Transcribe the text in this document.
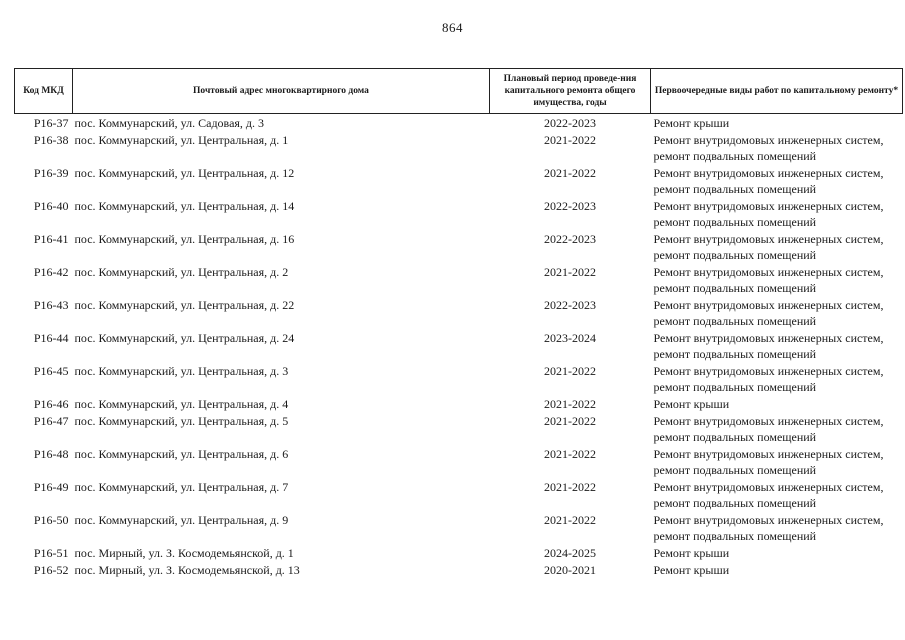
864
Код МКД	Почтовый адрес многоквартирного дома	Плановый период проведе-ния капитального ремонта общего имущества, годы	Первоочередные виды работ по капитальному ремонту*
Р16-37	пос. Коммунарский, ул. Садовая, д. 3	2022-2023	Ремонт крыши
Р16-38	пос. Коммунарский, ул. Центральная, д. 1	2021-2022	Ремонт внутридомовых инженерных систем, ремонт подвальных помещений
Р16-39	пос. Коммунарский, ул. Центральная, д. 12	2021-2022	Ремонт внутридомовых инженерных систем, ремонт подвальных помещений
Р16-40	пос. Коммунарский, ул. Центральная, д. 14	2022-2023	Ремонт внутридомовых инженерных систем, ремонт подвальных помещений
Р16-41	пос. Коммунарский, ул. Центральная, д. 16	2022-2023	Ремонт внутридомовых инженерных систем, ремонт подвальных помещений
Р16-42	пос. Коммунарский, ул. Центральная, д. 2	2021-2022	Ремонт внутридомовых инженерных систем, ремонт подвальных помещений
Р16-43	пос. Коммунарский, ул. Центральная, д. 22	2022-2023	Ремонт внутридомовых инженерных систем, ремонт подвальных помещений
Р16-44	пос. Коммунарский, ул. Центральная, д. 24	2023-2024	Ремонт внутридомовых инженерных систем, ремонт подвальных помещений
Р16-45	пос. Коммунарский, ул. Центральная, д. 3	2021-2022	Ремонт внутридомовых инженерных систем, ремонт подвальных помещений
Р16-46	пос. Коммунарский, ул. Центральная, д. 4	2021-2022	Ремонт крыши
Р16-47	пос. Коммунарский, ул. Центральная, д. 5	2021-2022	Ремонт внутридомовых инженерных систем, ремонт подвальных помещений
Р16-48	пос. Коммунарский, ул. Центральная, д. 6	2021-2022	Ремонт внутридомовых инженерных систем, ремонт подвальных помещений
Р16-49	пос. Коммунарский, ул. Центральная, д. 7	2021-2022	Ремонт внутридомовых инженерных систем, ремонт подвальных помещений
Р16-50	пос. Коммунарский, ул. Центральная, д. 9	2021-2022	Ремонт внутридомовых инженерных систем, ремонт подвальных помещений
Р16-51	пос. Мирный, ул. З. Космодемьянской, д. 1	2024-2025	Ремонт крыши
Р16-52	пос. Мирный, ул. З. Космодемьянской, д. 13	2020-2021	Ремонт крыши
